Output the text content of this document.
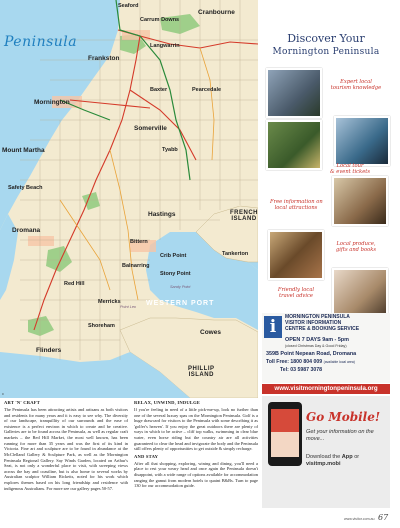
0
Peninsula
Seaford
Carrum Downs
Cranbourne
Frankston
Langwarrin
Pearcedale
Baxter
Mornington
Mount Martha
Somerville
Tyabb
Hastings
Safety Beach
Dromana
Red Hill
Balnarring
Merricks
Shoreham
Flinders
Cowes
Tankerton
Stony Point
Crib Point
Bittern
WESTERN PORT
FRENCH
ISLAND
PHILLIP
ISLAND
Sandy Point
Point Leo
ART 'N' CRAFT

The Peninsula has been attracting artists and artisans as both visitors and residents for many years and it is easy to see why. The diversity of our landscape, tranquillity of our surrounds and the ease of existence is a perfect environ in which to create and be creative. Galleries are to be found across the Peninsula, as well as regular craft markets – the Red Hill Market, the most well known, has been running for more than 35 years and was the first of its kind in Victoria. Fine art and sculpture are to be found in abundance at the McClelland Gallery & Sculpture Park, as well as the Mornington Peninsula Regional Gallery. Say Winds Garden, located on Arthur's Seat, is not only a wonderful place to visit, with sweeping views across the bay and coastline, but is also home to several works by Australian sculptor William Ricketts, noted for his work which explores themes based on his long friendship and residence with indigenous Australians. For more see our gallery pages 50-57.

RELAX, UNWIND, INDULGE

If you're feeling in need of a little pick-me-up, look no further than one of the several luxury spas on the Mornington Peninsula. Golf is a huge drawcard for visitors to the Peninsula with some describing it as 'golfer's heaven'. If you enjoy the great outdoors there are plenty of ways in which to be active – cliff top walks, swimming in clear blue water, even horse riding but the country air are all activities guaranteed to clear the head and invigorate the body and the Peninsula still offers plenty of opportunities to get outside & simply recharge.

AND STAY

After all that shopping, exploring, wining and dining, you'll need a place to rest your weary head and once again the Peninsula doesn't disappoint, with a wide range of options available for accommodation ranging the gamut from modern hotels to quaint B&Bs. Turn to page 130 for our accommodation guide.

Discover Your
Mornington Peninsula
Expert local
tourism knowledge
Local tour
& event tickets
Free information on
local attractions
Local produce,
gifts and books
Friendly local
travel advice
i	MORNINGTON PENINSULA
VISITOR INFORMATION
CENTRE & BOOKING SERVICE
OPEN 7 DAYS 9am - 5pm
(closed Christmas Day & Good Friday)
359B Point Nepean Road, Dromana
Toll Free: 1800 804 009 (available local area)
Tel: 03 5987 3078
www.visitmorningtonpeninsula.org
Go Mobile!
Get your information on the move...
Download the App or visitmp.mobi
www.visitor.com.au 67
